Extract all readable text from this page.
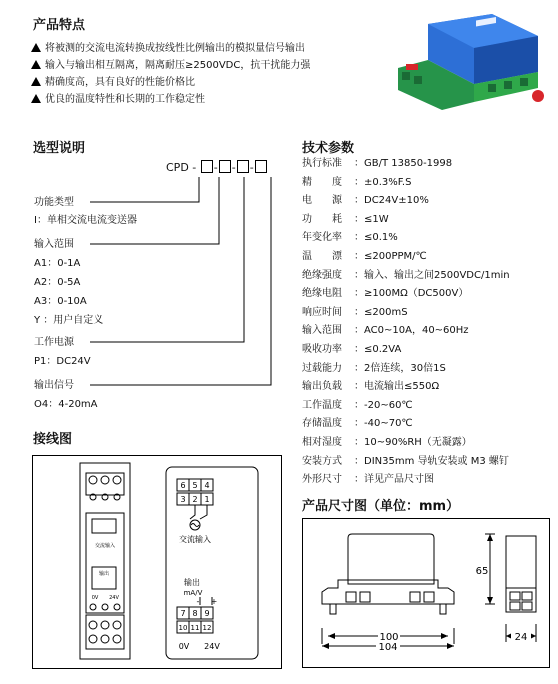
产品特点
将被测的交流电流转换成按线性比例输出的模拟量信号输出
输入与输出相互隔离，隔离耐压≥2500VDC，抗干扰能力强
精确度高，具有良好的性能价格比
优良的温度特性和长期的工作稳定性
选型说明
CPD - - - -
功能类型
I：单相交流电流变送器
输入范围
A1：0-1A
A2：0-5A
A3：0-10A
Y ：用户自定义
工作电源
P1：DC24V
输出信号
O4：4-20mA
接线图
交流输入
输出
0V 24V
6 5 4
3 2 1
交流输入
输出
mA/V
- +
7 8 9
10 11 12
0V 24V
技术参数
执行标准 ：GB/T 13850-1998
精　　度 ：±0.3%F.S
电　　源 ：DC24V±10%
功　　耗 ：≤1W
年变化率 ：≤0.1%
温　　漂 ：≤200PPM/℃
绝缘强度 ：输入、输出之间2500VDC/1min
绝缘电阻 ：≥100MΩ（DC500V）
响应时间 ：≤200mS
输入范围 ：AC0~10A，40~60Hz
吸收功率 ：≤0.2VA
过载能力 ：2倍连续，30倍1S
输出负载 ：电流输出≤550Ω
工作温度 ：-20~60℃
存储温度 ：-40~70℃
相对湿度 ：10~90%RH（无凝露）
安装方式 ：DIN35mm 导轨安装或 M3 螺钉
外形尺寸 ：详见产品尺寸图
产品尺寸图（单位：mm）
65
100
104
24
